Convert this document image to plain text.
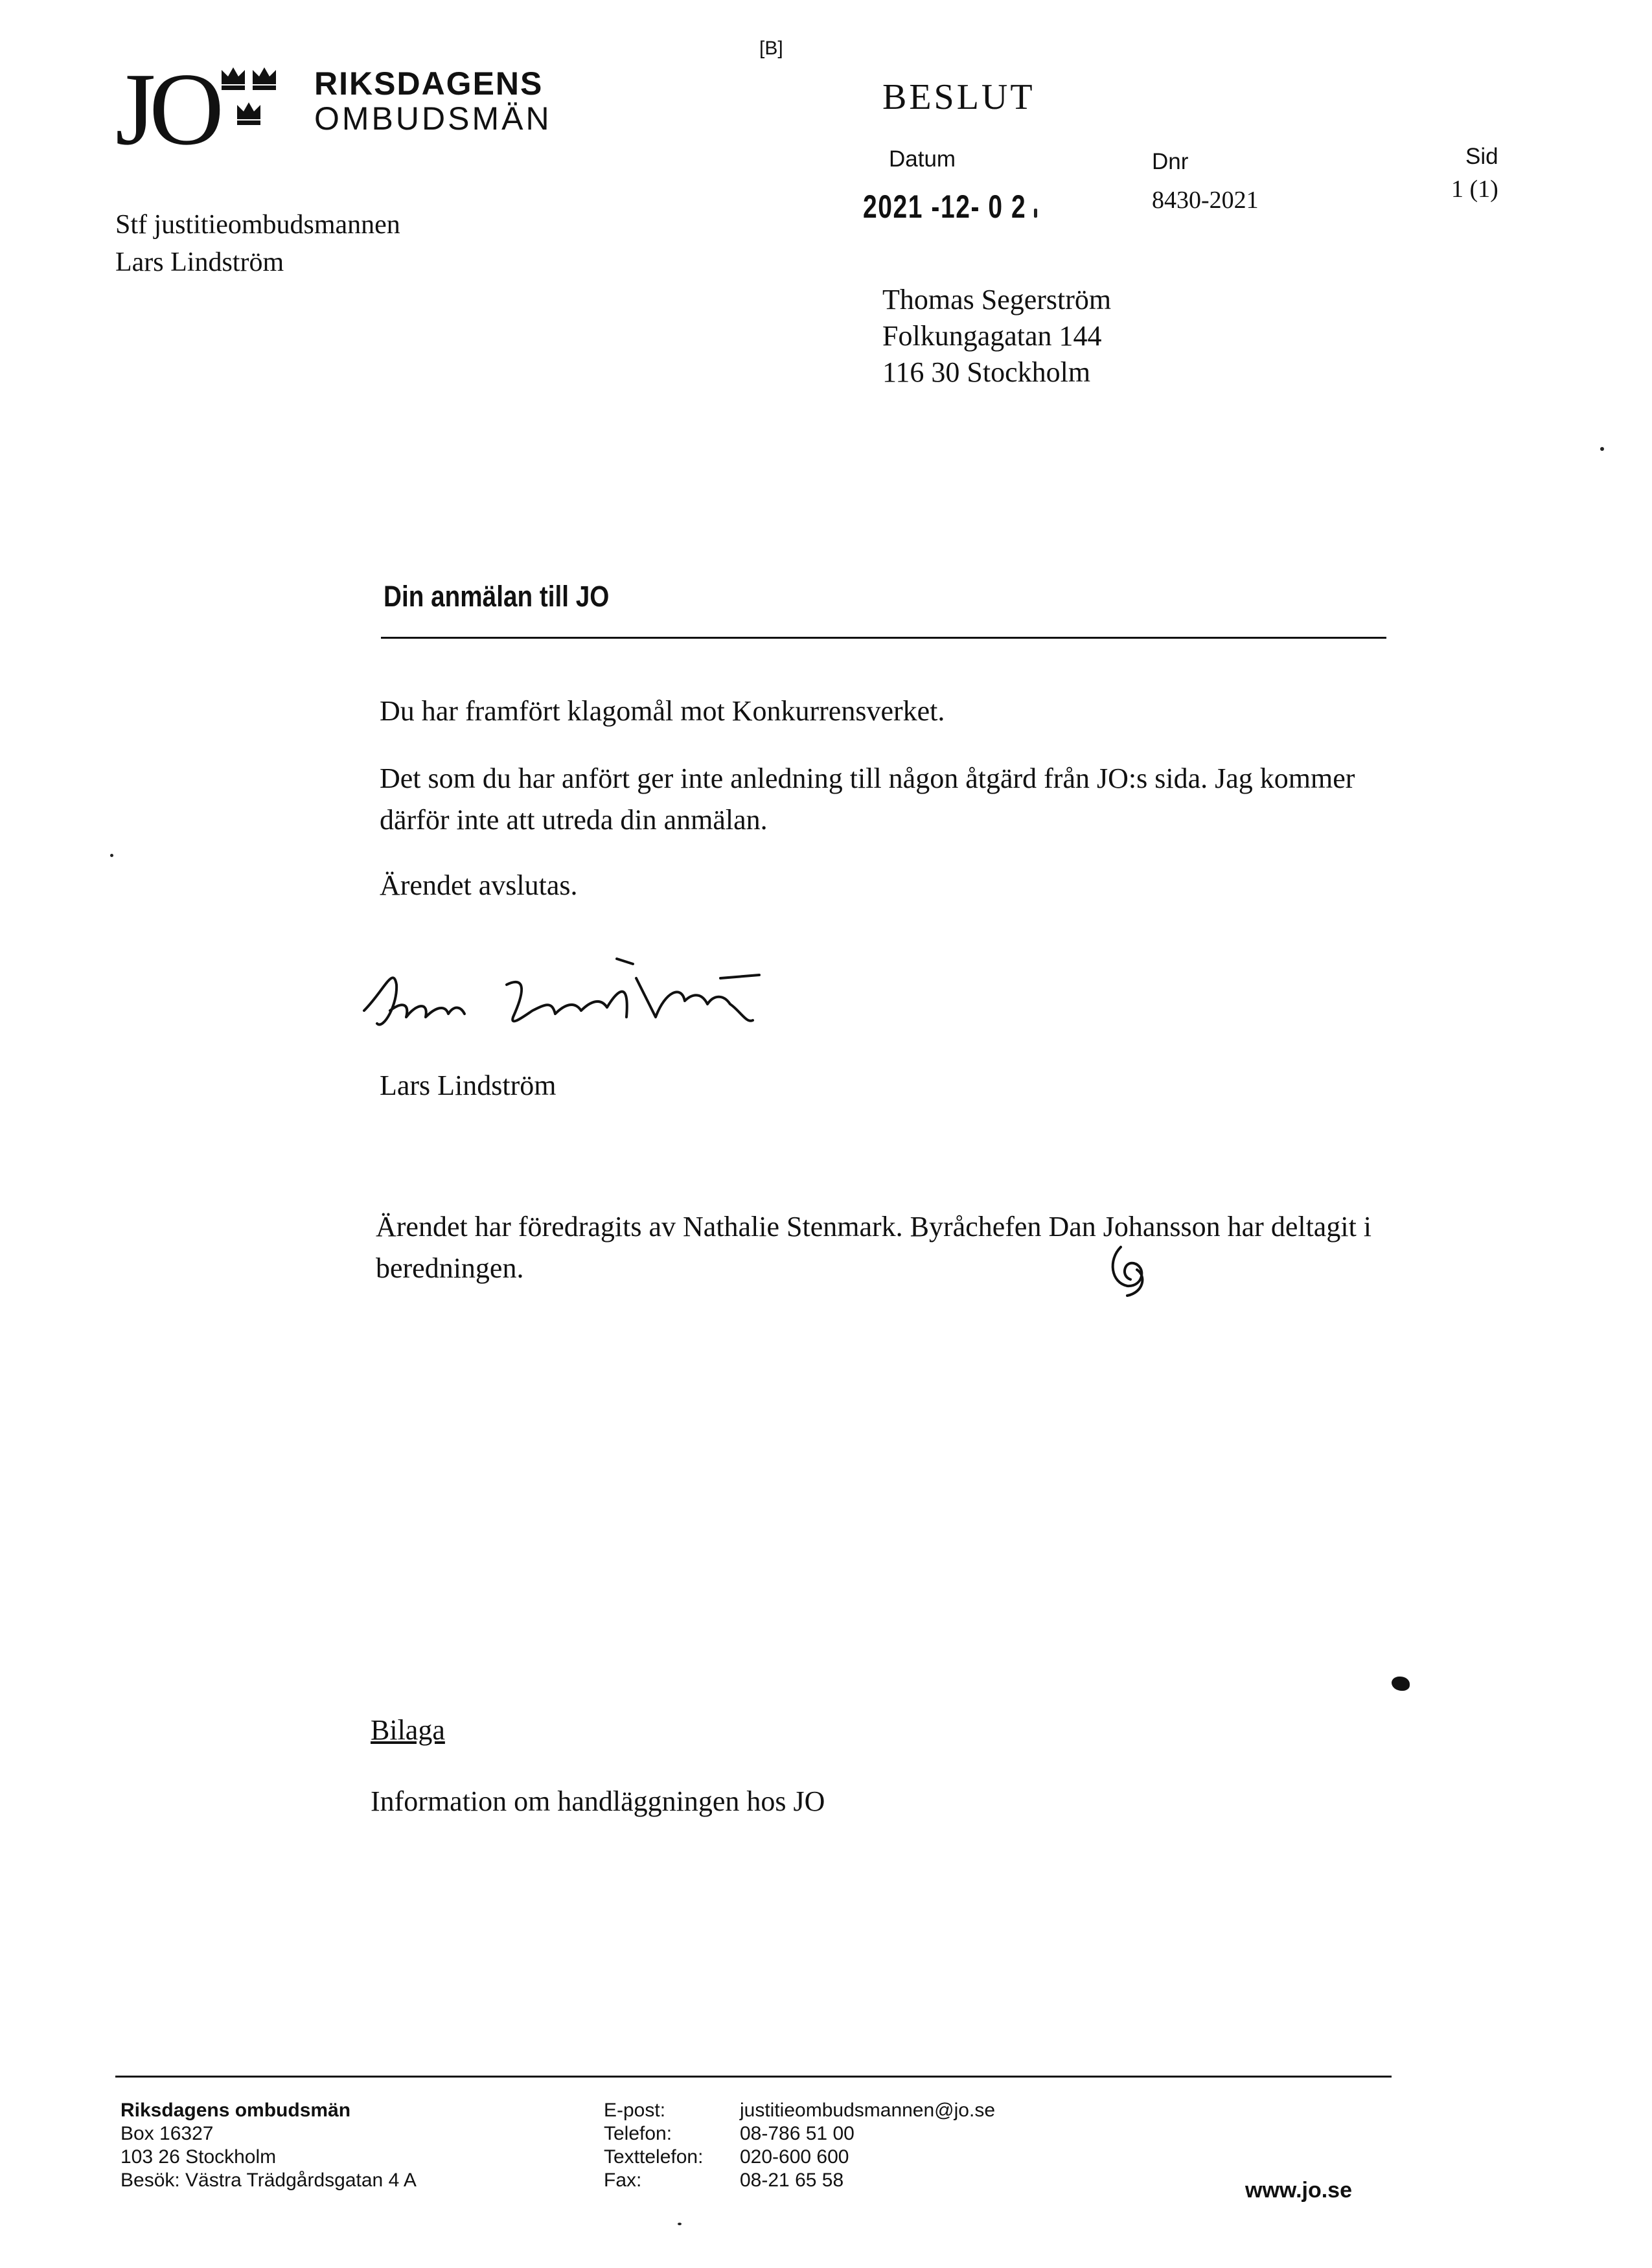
JO	RIKSDAGENS
OMBUDSMÄN
[B]
Stf justitieombudsmannen
Lars Lindström
BESLUT
Datum
2021 -12- 0 2
Dnr
8430-2021
Sid
1 (1)
Thomas Segerström
Folkungagatan 144
116 30 Stockholm
Din anmälan till JO
Du har framfört klagomål mot Konkurrensverket.
Det som du har anfört ger inte anledning till någon åtgärd från JO:s sida. Jag kommer därför inte att utreda din anmälan.
Ärendet avslutas.
Lars Lindström
Ärendet har föredragits av Nathalie Stenmark. Byråchefen Dan Johansson har deltagit i beredningen.
Bilaga
Information om handläggningen hos JO
Riksdagens ombudsmän
Box 16327
103 26 Stockholm
Besök: Västra Trädgårdsgatan 4 A
E-post:	justitieombudsmannen@jo.se
Telefon:	08-786 51 00
Texttelefon:	020-600 600
Fax:	08-21 65 58	www.jo.se
